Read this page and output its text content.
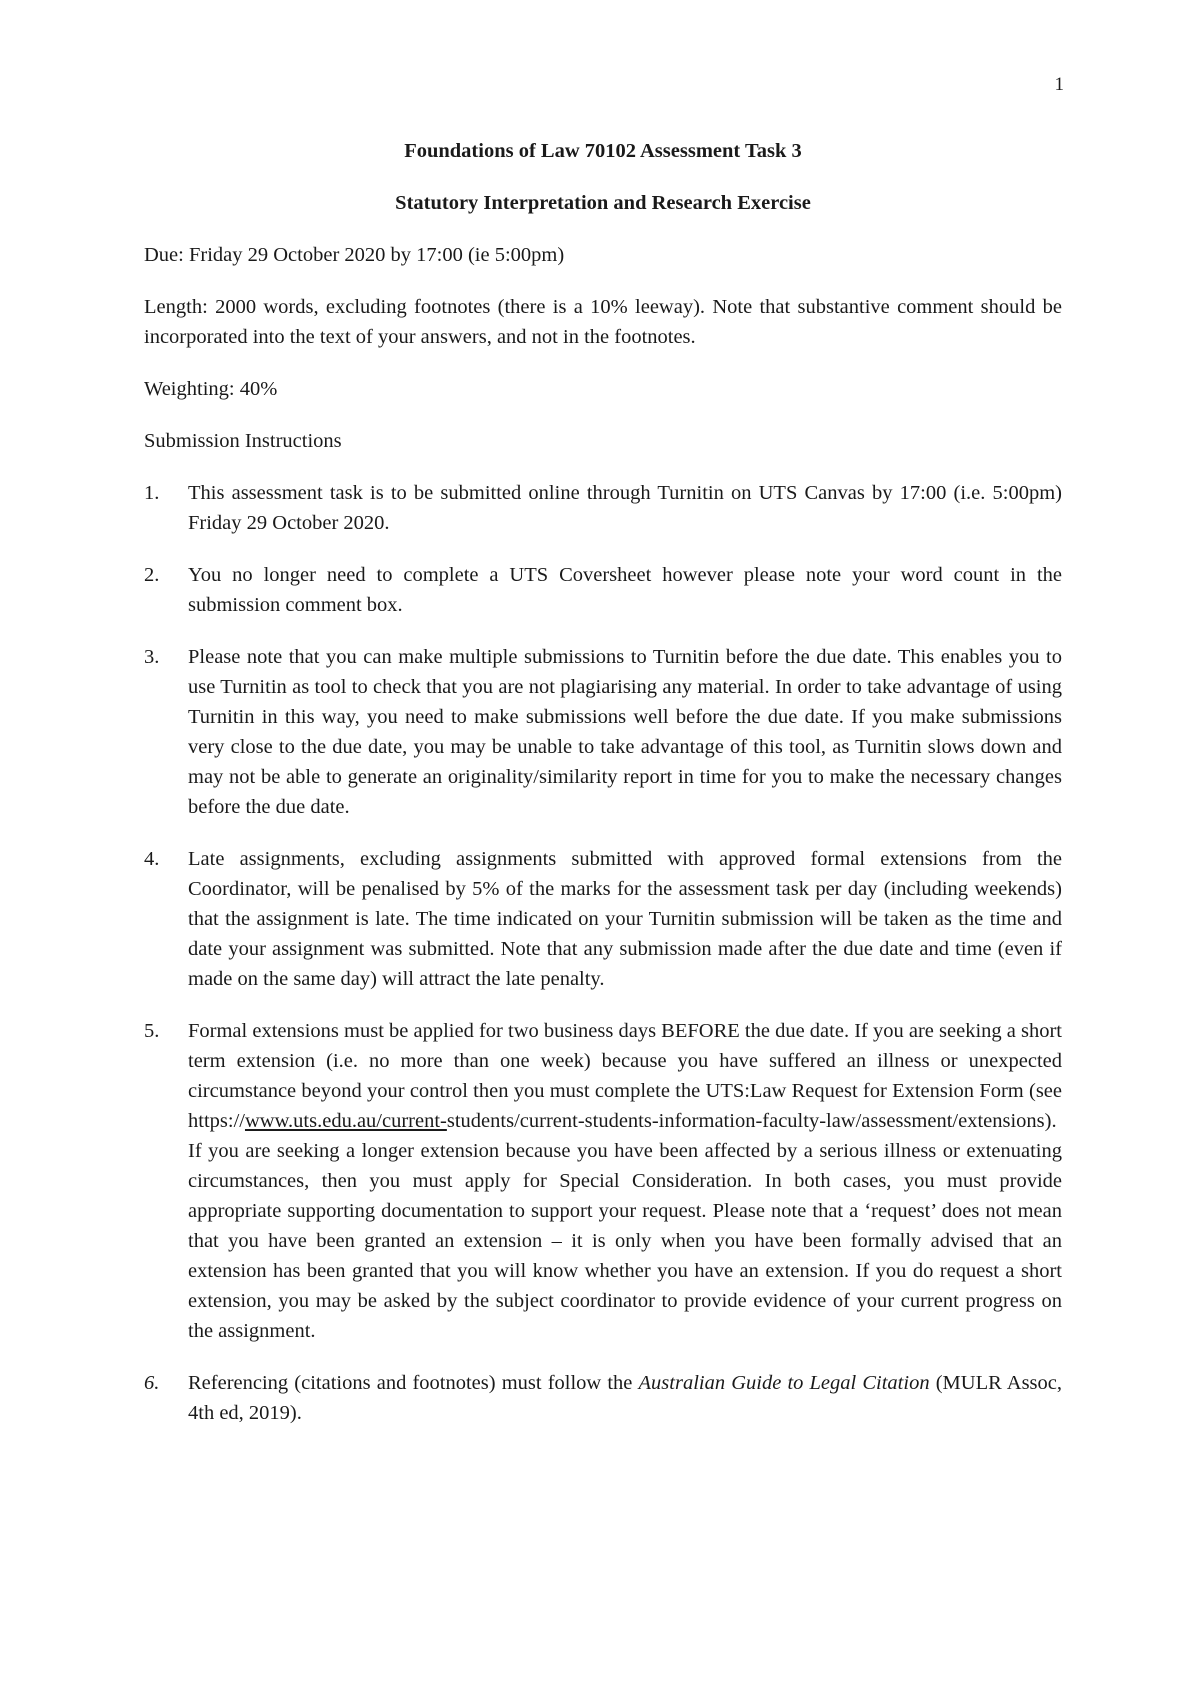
1
Foundations of Law 70102 Assessment Task 3
Statutory Interpretation and Research Exercise

Due: Friday 29 October 2020 by 17:00 (ie 5:00pm)

Length: 2000 words, excluding footnotes (there is a 10% leeway). Note that substantive comment should be incorporated into the text of your answers, and not in the footnotes.

Weighting: 40%

Submission Instructions

1. This assessment task is to be submitted online through Turnitin on UTS Canvas by 17:00 (i.e. 5:00pm) Friday 29 October 2020.
2. You no longer need to complete a UTS Coversheet however please note your word count in the submission comment box.
3. Please note that you can make multiple submissions to Turnitin before the due date. This enables you to use Turnitin as tool to check that you are not plagiarising any material. In order to take advantage of using Turnitin in this way, you need to make submissions well before the due date. If you make submissions very close to the due date, you may be unable to take advantage of this tool, as Turnitin slows down and may not be able to generate an originality/similarity report in time for you to make the necessary changes before the due date.
4. Late assignments, excluding assignments submitted with approved formal extensions from the Coordinator, will be penalised by 5% of the marks for the assessment task per day (including weekends) that the assignment is late. The time indicated on your Turnitin submission will be taken as the time and date your assignment was submitted. Note that any submission made after the due date and time (even if made on the same day) will attract the late penalty.
5. Formal extensions must be applied for two business days BEFORE the due date. If you are seeking a short term extension (i.e. no more than one week) because you have suffered an illness or unexpected circumstance beyond your control then you must complete the UTS:Law Request for Extension Form (see https://www.uts.edu.au/current-students/current-students-information-faculty-law/assessment/extensions). If you are seeking a longer extension because you have been affected by a serious illness or extenuating circumstances, then you must apply for Special Consideration. In both cases, you must provide appropriate supporting documentation to support your request. Please note that a ‘request’ does not mean that you have been granted an extension – it is only when you have been formally advised that an extension has been granted that you will know whether you have an extension. If you do request a short extension, you may be asked by the subject coordinator to provide evidence of your current progress on the assignment.
6. Referencing (citations and footnotes) must follow the Australian Guide to Legal Citation (MULR Assoc, 4th ed, 2019).
